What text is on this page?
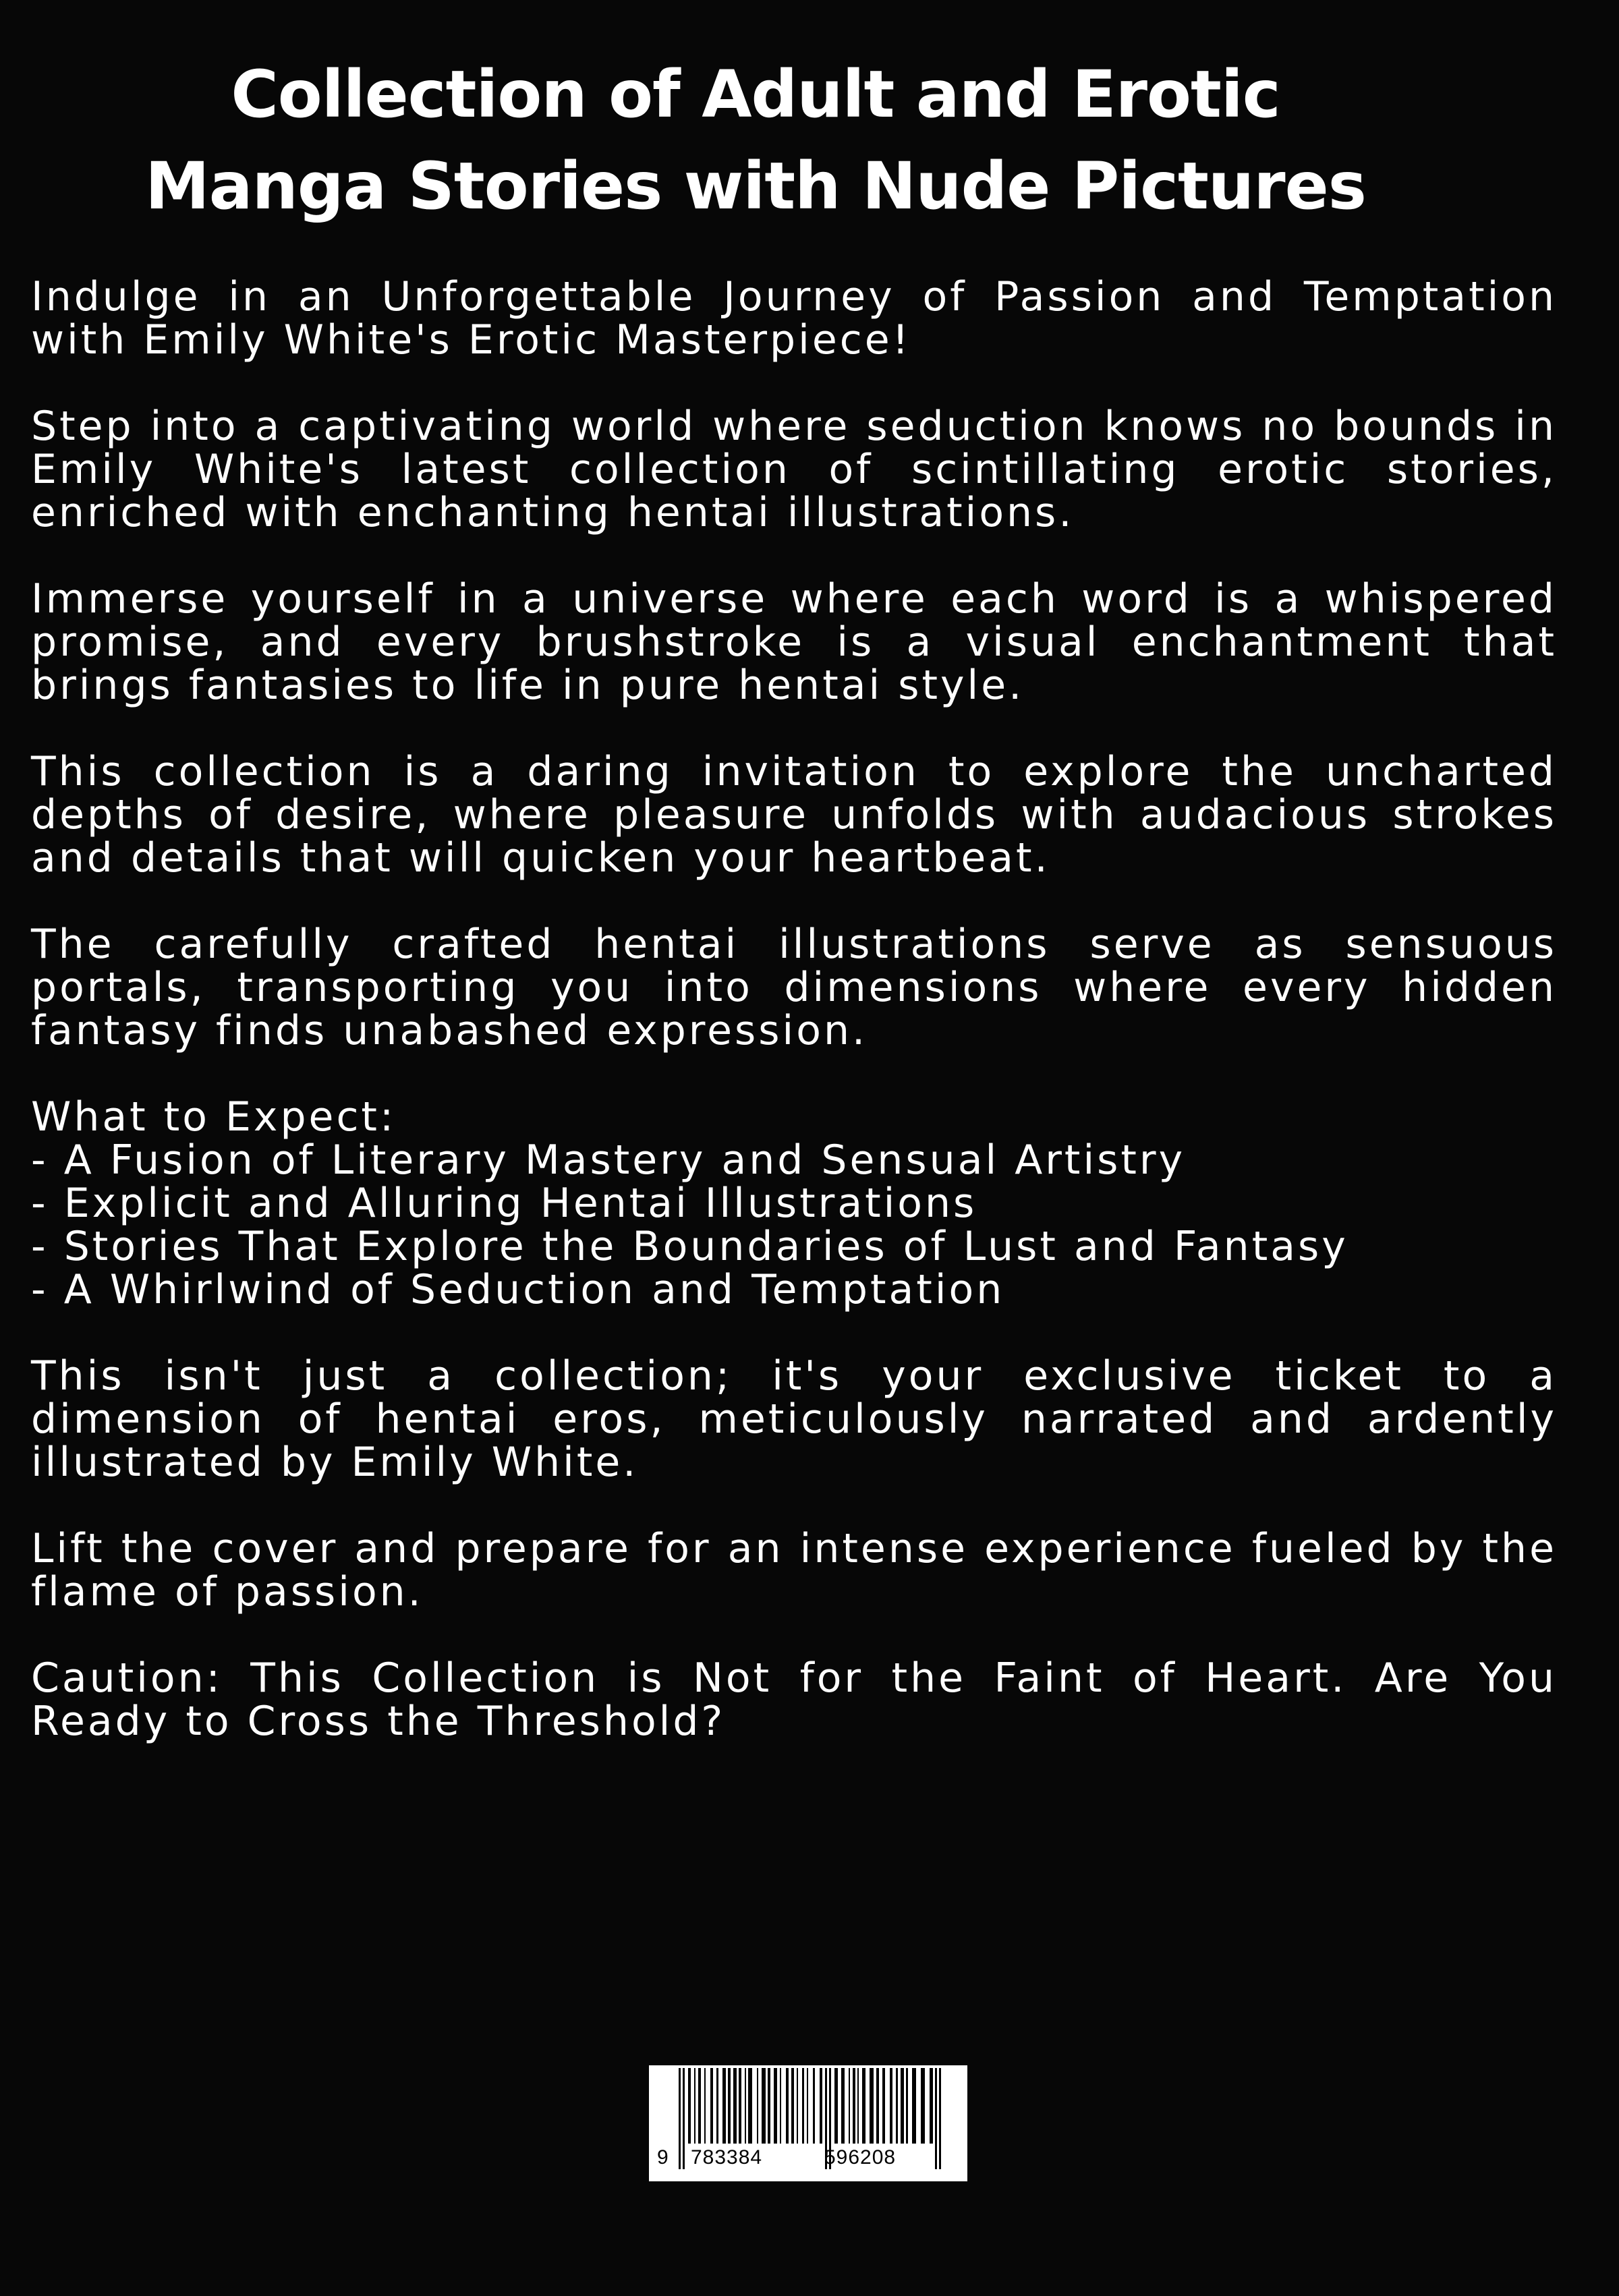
Collection of Adult and Erotic
Manga Stories with Nude Pictures

Indulge in an Unforgettable Journey of Passion and Temptation with Emily White's Erotic Masterpiece!

Step into a captivating world where seduction knows no bounds in Emily White's latest collection of scintillating erotic stories, enriched with enchanting hentai illustrations.

Immerse yourself in a universe where each word is a whispered promise, and every brushstroke is a visual enchantment that brings fantasies to life in pure hentai style.

This collection is a daring invitation to explore the uncharted depths of desire, where pleasure unfolds with audacious strokes and details that will quicken your heartbeat.

The carefully crafted hentai illustrations serve as sensuous portals, transporting you into dimensions where every hidden fantasy finds unabashed expression.

What to Expect:
- A Fusion of Literary Mastery and Sensual Artistry
- Explicit and Alluring Hentai Illustrations
- Stories That Explore the Boundaries of Lust and Fantasy
- A Whirlwind of Seduction and Temptation

This isn't just a collection; it's your exclusive ticket to a dimension of hentai eros, meticulously narrated and ardently illustrated by Emily White.

Lift the cover and prepare for an intense experience fueled by the flame of passion.

Caution: This Collection is Not for the Faint of Heart. Are You Ready to Cross the Threshold?

9 783384	596208
